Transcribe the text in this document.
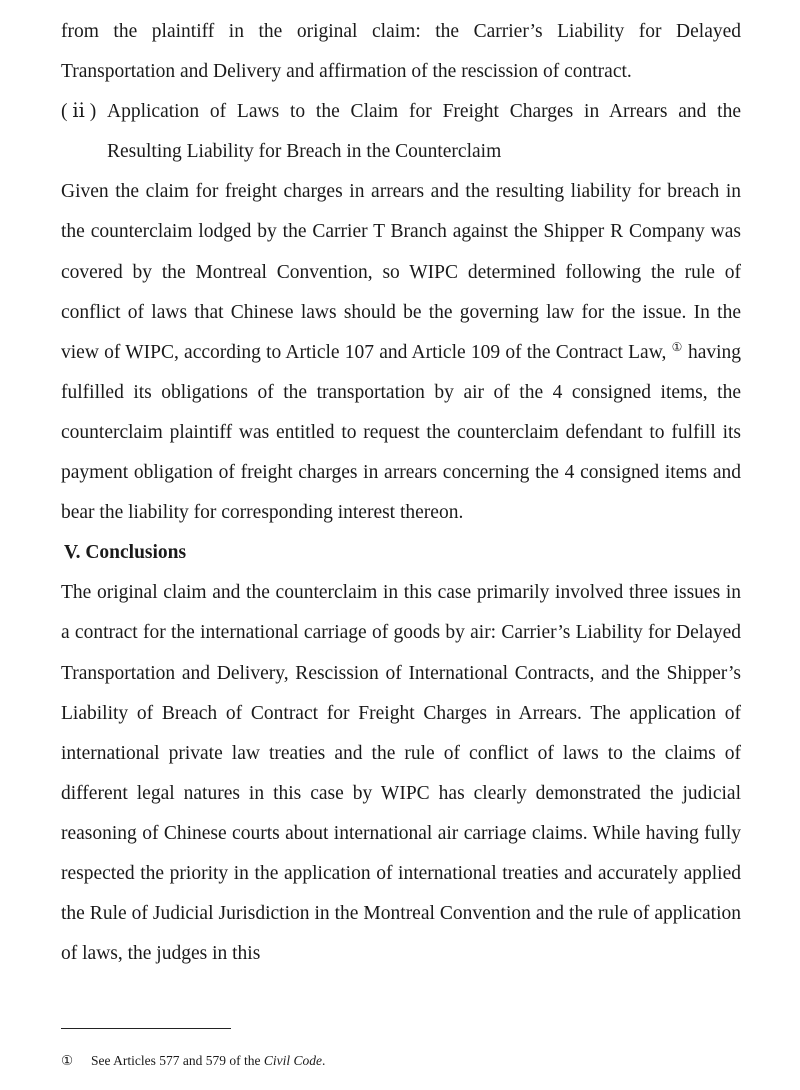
from the plaintiff in the original claim: the Carrier’s Liability for Delayed Transportation and Delivery and affirmation of the rescission of contract.

( ⅱ ) Application of Laws to the Claim for Freight Charges in Arrears and the Resulting Liability for Breach in the Counterclaim

Given the claim for freight charges in arrears and the resulting liability for breach in the counterclaim lodged by the Carrier T Branch against the Shipper R Company was covered by the Montreal Convention, so WIPC determined following the rule of conflict of laws that Chinese laws should be the governing law for the issue. In the view of WIPC, according to Article 107 and Article 109 of the Contract Law, ① having fulfilled its obligations of the transportation by air of the 4 consigned items, the counterclaim plaintiff was entitled to request the counterclaim defendant to fulfill its payment obligation of freight charges in arrears concerning the 4 consigned items and bear the liability for corresponding interest thereon.

V. Conclusions

The original claim and the counterclaim in this case primarily involved three issues in a contract for the international carriage of goods by air: Carrier’s Liability for Delayed Transportation and Delivery, Rescission of International Contracts, and the Shipper’s Liability of Breach of Contract for Freight Charges in Arrears. The application of international private law treaties and the rule of conflict of laws to the claims of different legal natures in this case by WIPC has clearly demonstrated the judicial reasoning of Chinese courts about international air carriage claims. While having fully respected the priority in the application of international treaties and accurately applied the Rule of Judicial Jurisdiction in the Montreal Convention and the rule of application of laws, the judges in this

① See Articles 577 and 579 of the Civil Code.
